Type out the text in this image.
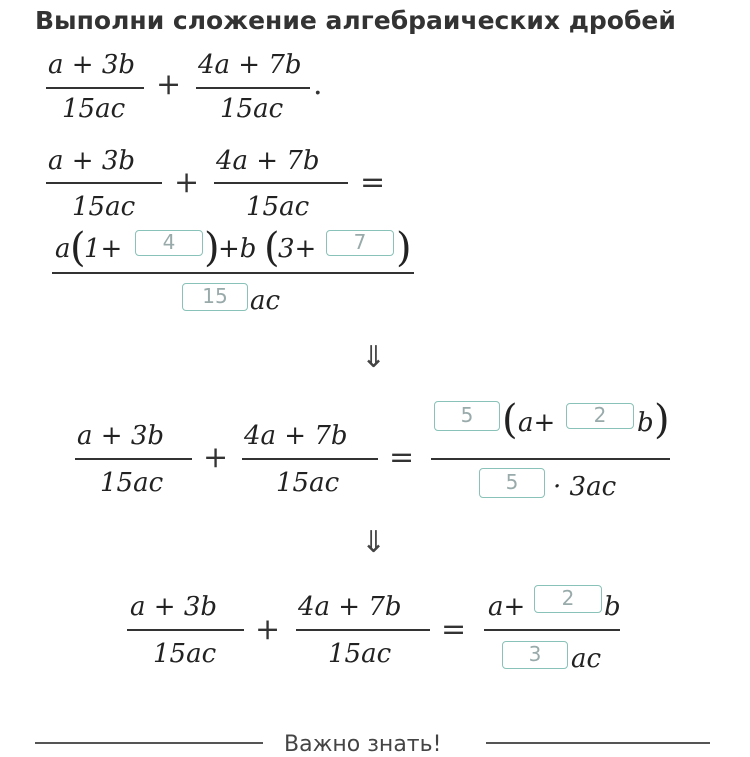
Выполни сложение алгебраических дробей
a + 3b
15ac
+
4a + 7b
15ac
.
a + 3b
15ac
+
4a + 7b
15ac
=
a (
1+	4 )
+b (
3+	7 )
15 ac
⇓
a + 3b
15ac
+
4a + 7b
15ac
=
5 ( a+	2	b )
5	· 3ac
⇓
a + 3b
15ac
+
4a + 7b
15ac
=
a+	2	b
3	ac
Важно знать!
